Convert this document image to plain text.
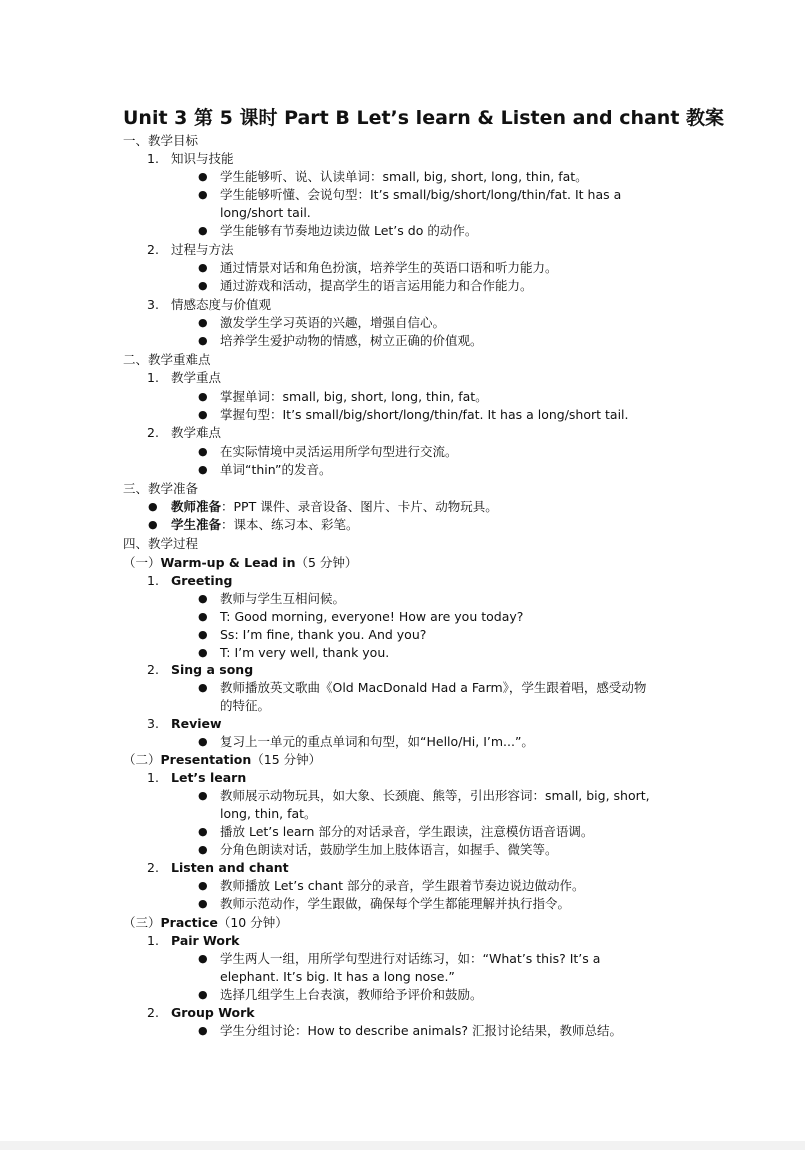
Unit 3 第 5 课时 Part B Let’s learn & Listen and chant 教案
一、教学目标
1. 知识与技能
● 学生能够听、说、认读单词：small, big, short, long, thin, fat。
● 学生能够听懂、会说句型：It’s small/big/short/long/thin/fat. It has a
long/short tail.
● 学生能够有节奏地边读边做 Let’s do 的动作。
2. 过程与方法
● 通过情景对话和角色扮演，培养学生的英语口语和听力能力。
● 通过游戏和活动，提高学生的语言运用能力和合作能力。
3. 情感态度与价值观
● 激发学生学习英语的兴趣，增强自信心。
● 培养学生爱护动物的情感，树立正确的价值观。
二、教学重难点
1. 教学重点
● 掌握单词：small, big, short, long, thin, fat。
● 掌握句型：It’s small/big/short/long/thin/fat. It has a long/short tail.
2. 教学难点
● 在实际情境中灵活运用所学句型进行交流。
● 单词“thin”的发音。
三、教学准备
● 教师准备：PPT 课件、录音设备、图片、卡片、动物玩具。
● 学生准备：课本、练习本、彩笔。
四、教学过程
（一）Warm-up & Lead in（5 分钟）
1. Greeting
● 教师与学生互相问候。
● T: Good morning, everyone! How are you today?
● Ss: I’m fine, thank you. And you?
● T: I’m very well, thank you.
2. Sing a song
● 教师播放英文歌曲《Old MacDonald Had a Farm》，学生跟着唱，感受动物
的特征。
3. Review
● 复习上一单元的重点单词和句型，如“Hello/Hi, I’m...”。
（二）Presentation（15 分钟）
1. Let’s learn
● 教师展示动物玩具，如大象、长颈鹿、熊等，引出形容词：small, big, short,
long, thin, fat。
● 播放 Let’s learn 部分的对话录音，学生跟读，注意模仿语音语调。
● 分角色朗读对话，鼓励学生加上肢体语言，如握手、微笑等。
2. Listen and chant
● 教师播放 Let’s chant 部分的录音，学生跟着节奏边说边做动作。
● 教师示范动作，学生跟做，确保每个学生都能理解并执行指令。
（三）Practice（10 分钟）
1. Pair Work
● 学生两人一组，用所学句型进行对话练习，如：“What’s this? It’s a
elephant. It’s big. It has a long nose.”
● 选择几组学生上台表演，教师给予评价和鼓励。
2. Group Work
● 学生分组讨论：How to describe animals? 汇报讨论结果，教师总结。
